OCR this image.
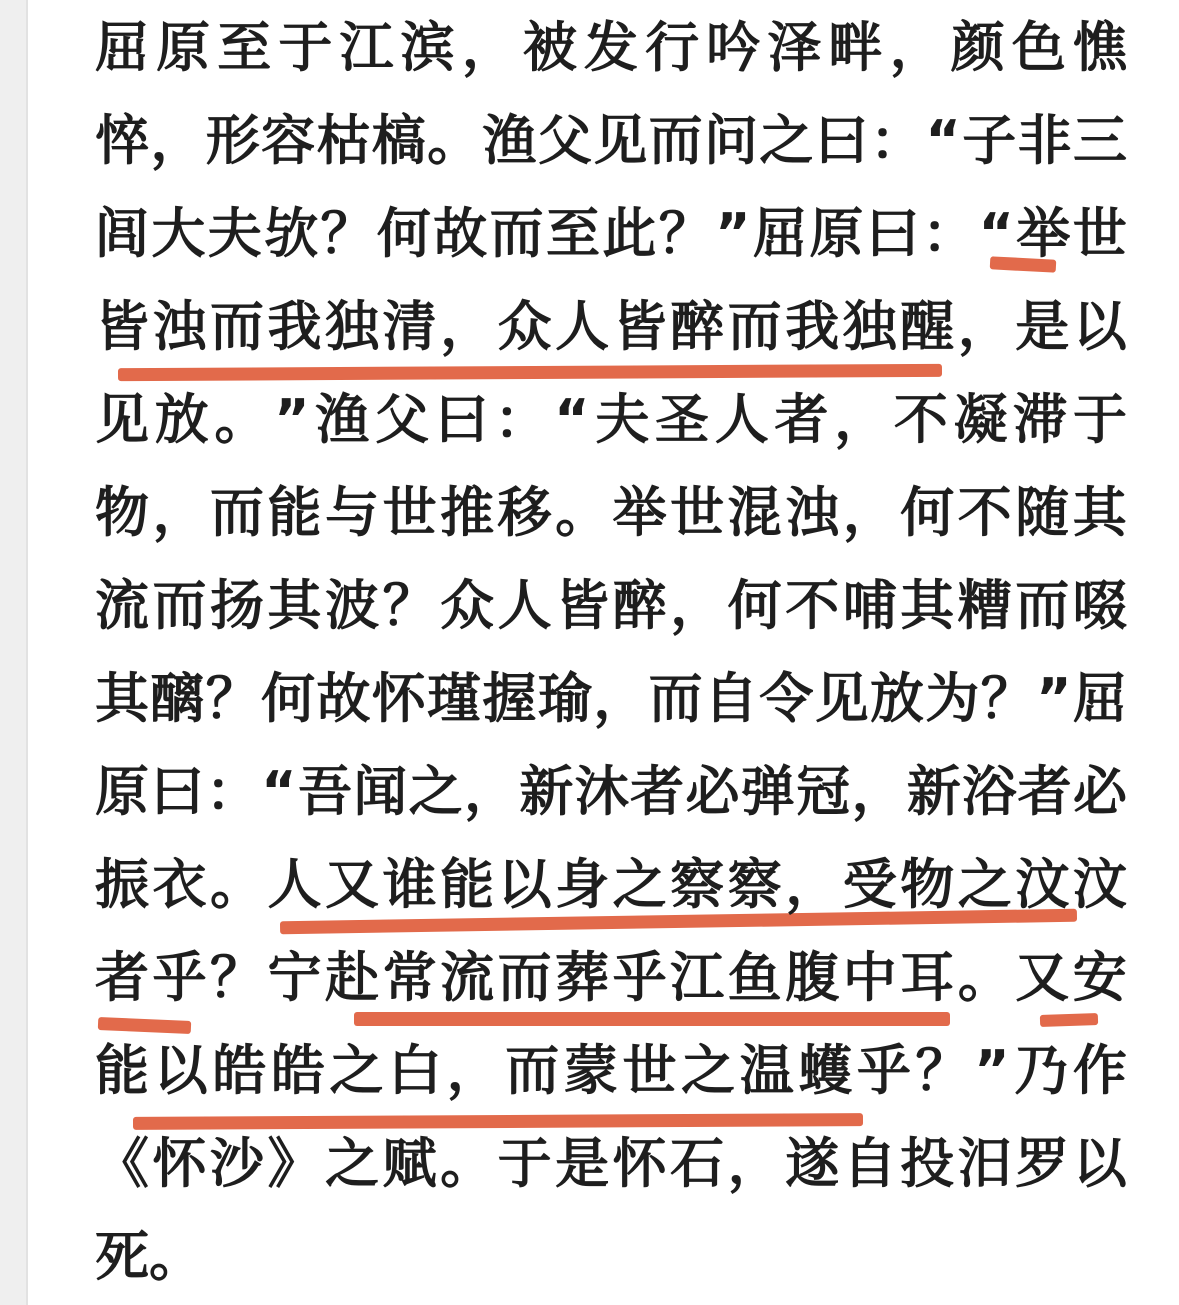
屈 原 至 于 江 滨 ， 被 发 行 吟 泽 畔 ， 颜 色 憔
悴 ， 形 容 枯 槁 。 渔 父 见 而 问 之 曰 ： “ 子 非 三
闾 大 夫 欤 ？ 何 故 而 至 此 ？ ” 屈 原 曰 ： “ 举 世
皆 浊 而 我 独 清 ， 众 人 皆 醉 而 我 独 醒 ， 是 以
见 放 。 ” 渔 父 曰 ： “ 夫 圣 人 者 ， 不 凝 滞 于
物 ， 而 能 与 世 推 移 。 举 世 混 浊 ， 何 不 随 其
流 而 扬 其 波 ？ 众 人 皆 醉 ， 何 不 哺 其 糟 而 啜
其 醨 ？ 何 故 怀 瑾 握 瑜 ， 而 自 令 见 放 为 ？ ” 屈
原 曰 ： “ 吾 闻 之 ， 新 沐 者 必 弹 冠 ， 新 浴 者 必
振 衣 。 人 又 谁 能 以 身 之 察 察 ， 受 物 之 汶 汶
者 乎 ？ 宁 赴 常 流 而 葬 乎 江 鱼 腹 中 耳 。 又 安
能 以 皓 皓 之 白 ， 而 蒙 世 之 温 蠖 乎 ？ ” 乃 作
《 怀 沙 》 之 赋 。 于 是 怀 石 ， 遂 自 投 汨 罗 以
死 。
